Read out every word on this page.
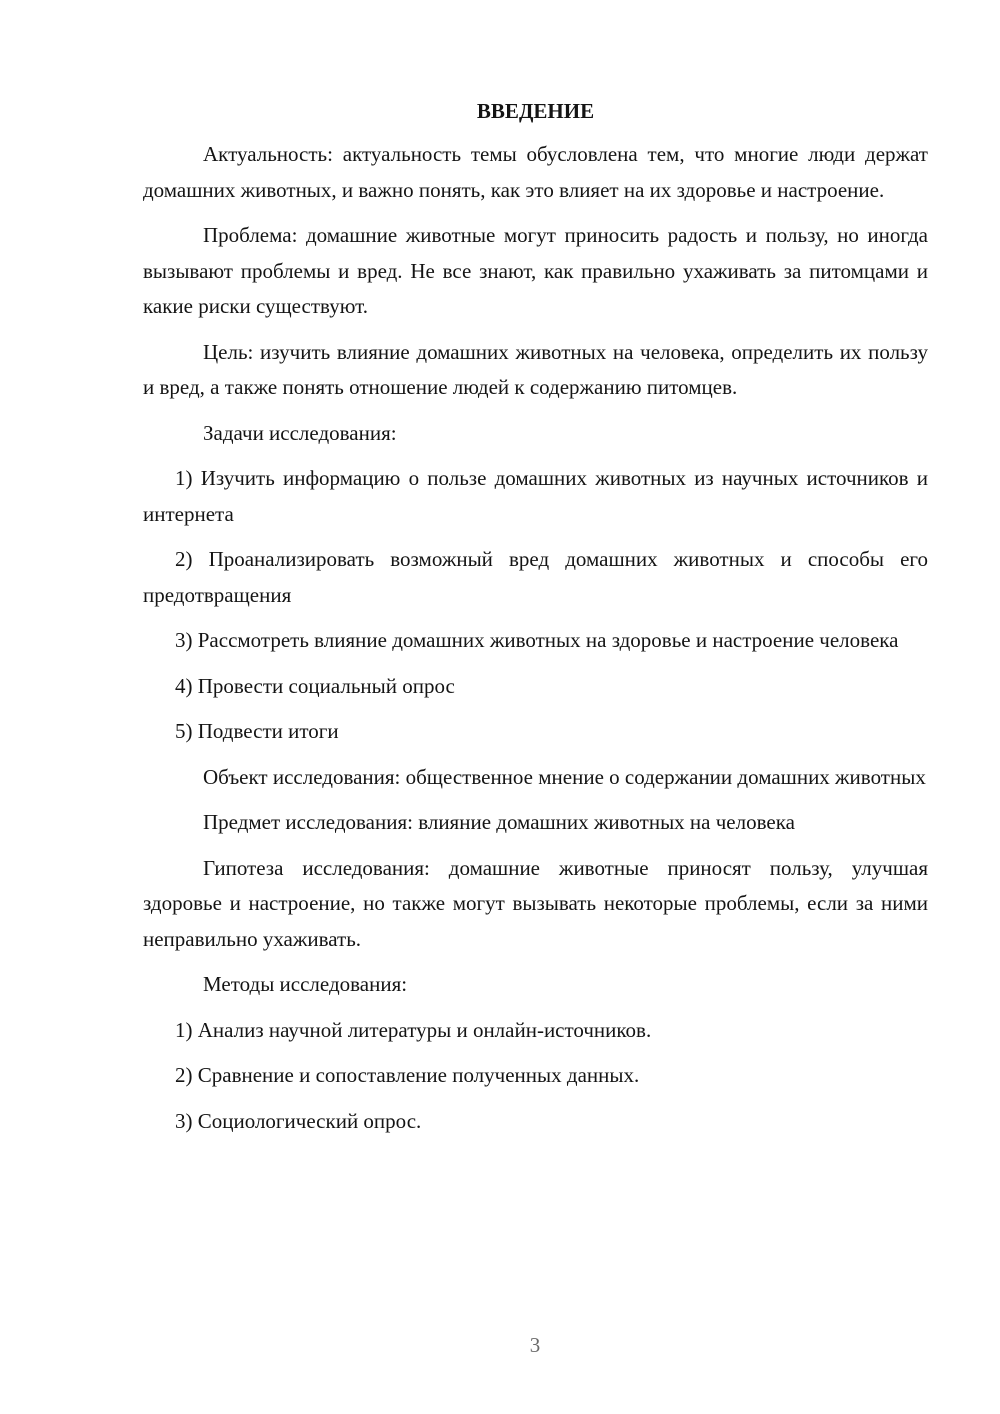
ВВЕДЕНИЕ

Актуальность: актуальность темы обусловлена тем, что многие люди держат домашних животных, и важно понять, как это влияет на их здоровье и настроение.

Проблема: домашние животные могут приносить радость и пользу, но иногда вызывают проблемы и вред. Не все знают, как правильно ухаживать за питомцами и какие риски существуют.

Цель: изучить влияние домашних животных на человека, определить их пользу и вред, а также понять отношение людей к содержанию питомцев.

Задачи исследования:

1) Изучить информацию о пользе домашних животных из научных источников и интернета

2) Проанализировать возможный вред домашних животных и способы его предотвращения

3) Рассмотреть влияние домашних животных на здоровье и настроение человека

4) Провести социальный опрос

5) Подвести итоги

Объект исследования: общественное мнение о содержании домашних животных

Предмет исследования: влияние домашних животных на человека

Гипотеза исследования: домашние животные приносят пользу, улучшая здоровье и настроение, но также могут вызывать некоторые проблемы, если за ними неправильно ухаживать.

Методы исследования:

1) Анализ научной литературы и онлайн-источников.

2) Сравнение и сопоставление полученных данных.

3) Социологический опрос.

3
